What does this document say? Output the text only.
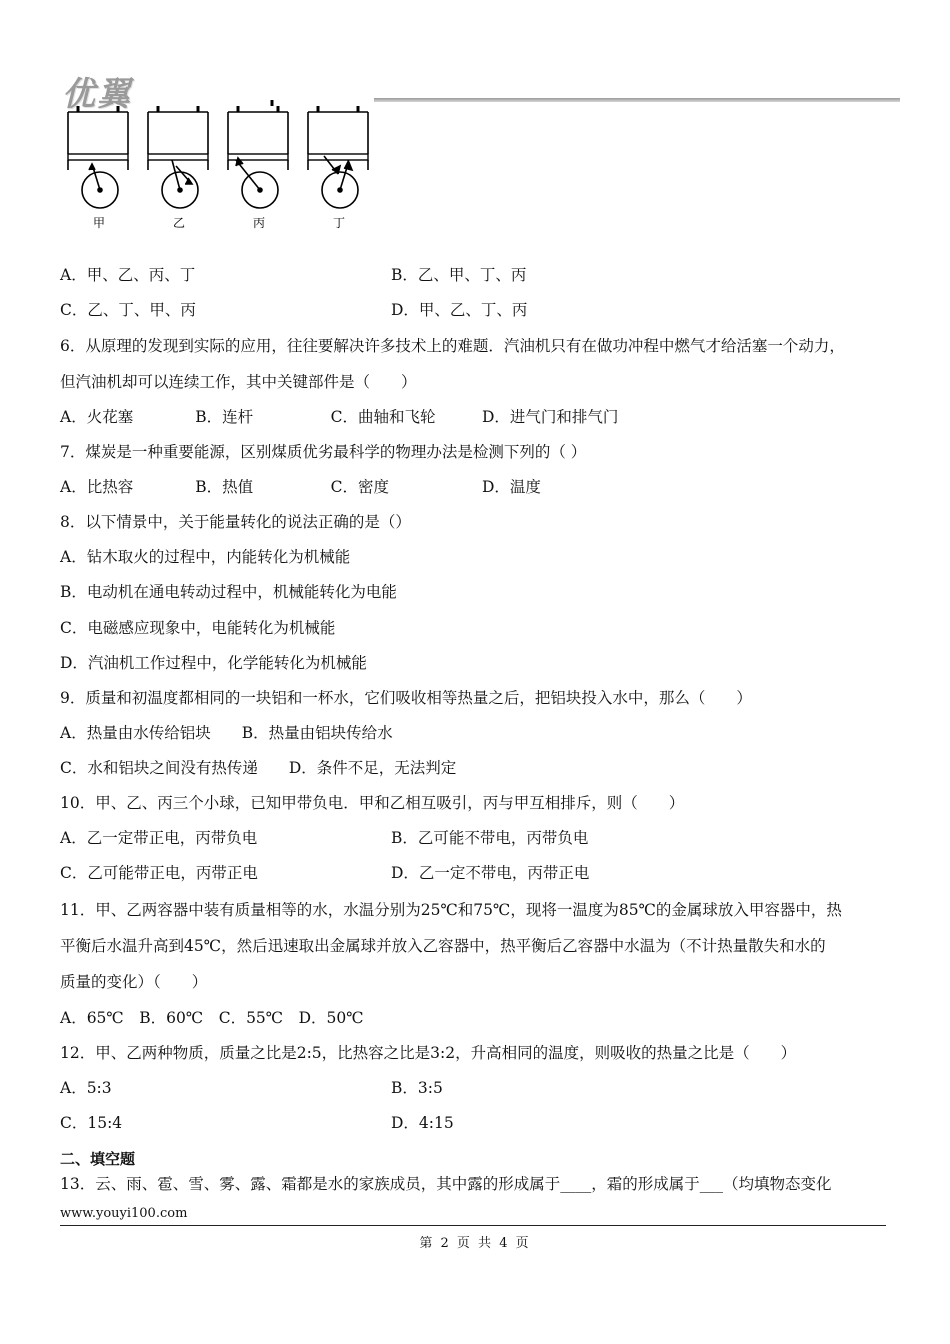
优翼
甲	乙	丙	丁
A．甲、乙、丙、丁	B．乙、甲、丁、丙
C．乙、丁、甲、丙	D．甲、乙、丁、丙
6．从原理的发现到实际的应用，往往要解决许多技术上的难题．汽油机只有在做功冲程中燃气才给活塞一个动力，
但汽油机却可以连续工作，其中关键部件是（　　）
A．火花塞　　　　B．连杆　　　　　C．曲轴和飞轮　　　D．进气门和排气门
7．煤炭是一种重要能源，区别煤质优劣最科学的物理办法是检测下列的（ ）
A．比热容　　　　B．热值　　　　　C．密度　　　　　　D．温度
8．以下情景中，关于能量转化的说法正确的是（）
A．钻木取火的过程中，内能转化为机械能
B．电动机在通电转动过程中，机械能转化为电能
C．电磁感应现象中，电能转化为机械能
D．汽油机工作过程中，化学能转化为机械能
9．质量和初温度都相同的一块铝和一杯水，它们吸收相等热量之后，把铝块投入水中，那么（　　）
A．热量由水传给铝块　　B．热量由铝块传给水
C．水和铝块之间没有热传递　　D．条件不足，无法判定
10．甲、乙、丙三个小球，已知甲带负电．甲和乙相互吸引，丙与甲互相排斥，则（　　）
A．乙一定带正电，丙带负电	B．乙可能不带电，丙带负电
C．乙可能带正电，丙带正电	D．乙一定不带电，丙带正电
11．甲、乙两容器中装有质量相等的水，水温分别为25℃和75℃，现将一温度为85℃的金属球放入甲容器中，热
平衡后水温升高到45℃，然后迅速取出金属球并放入乙容器中，热平衡后乙容器中水温为（不计热量散失和水的
质量的变化）（　　）
A．65℃　B．60℃　C．55℃　D．50℃
12．甲、乙两种物质，质量之比是2:5，比热容之比是3:2，升高相同的温度，则吸收的热量之比是（　　）
A．5:3	B．3:5
C．15:4	D．4:15
二、填空题
13．云、雨、雹、雪、雾、露、霜都是水的家族成员，其中露的形成属于____，霜的形成属于___（均填物态变化
www.youyi100.com
第 2 页 共 4 页
